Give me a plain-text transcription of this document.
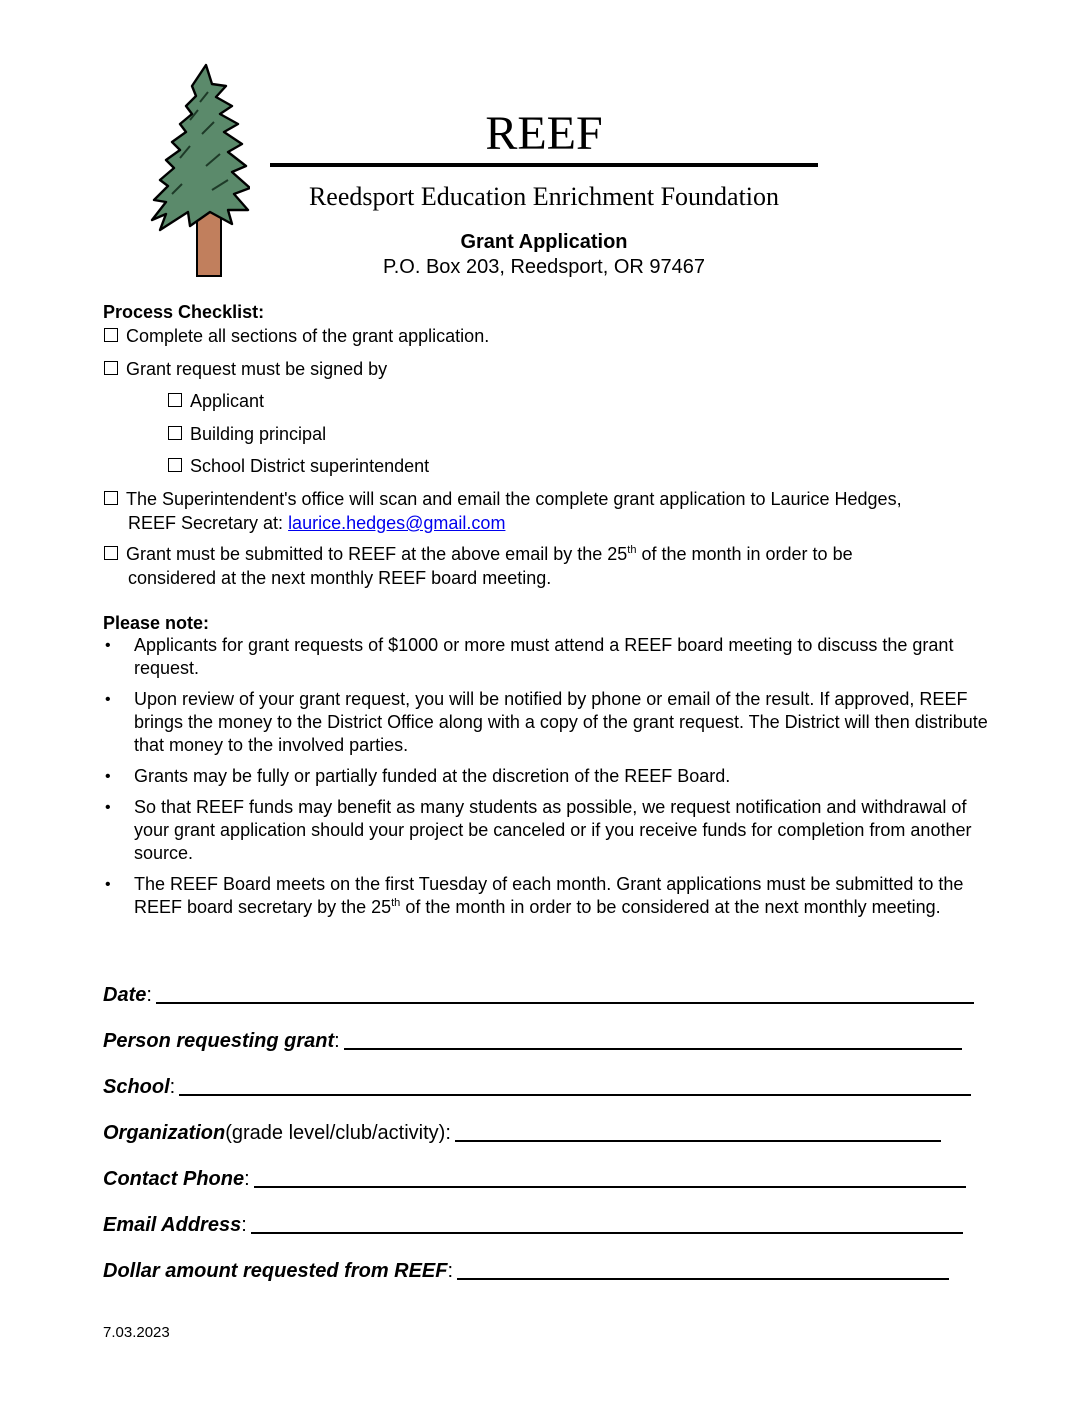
REEF
Reedsport Education Enrichment Foundation
Grant Application
P.O. Box 203, Reedsport, OR 97467
Process Checklist:
Complete all sections of the grant application.
Grant request must be signed by
Applicant
Building principal
School District superintendent
The Superintendent's office will scan and email the complete grant application to Laurice Hedges,
REEF Secretary at: laurice.hedges@gmail.com
Grant must be submitted to REEF at the above email by the 25th of the month in order to be
considered at the next monthly REEF board meeting.
Please note:
• Applicants for grant requests of $1000 or more must attend a REEF board meeting to discuss the grant request.
• Upon review of your grant request, you will be notified by phone or email of the result. If approved, REEF brings the money to the District Office along with a copy of the grant request. The District will then distribute that money to the involved parties.
• Grants may be fully or partially funded at the discretion of the REEF Board.
• So that REEF funds may benefit as many students as possible, we request notification and withdrawal of your grant application should your project be canceled or if you receive funds for completion from another source.
• The REEF Board meets on the first Tuesday of each month. Grant applications must be submitted to the REEF board secretary by the 25th of the month in order to be considered at the next monthly meeting.
Date :
Person requesting grant :
School :
Organization (grade level/club/activity):
Contact Phone :
Email Address :
Dollar amount requested from REEF :
7.03.2023
